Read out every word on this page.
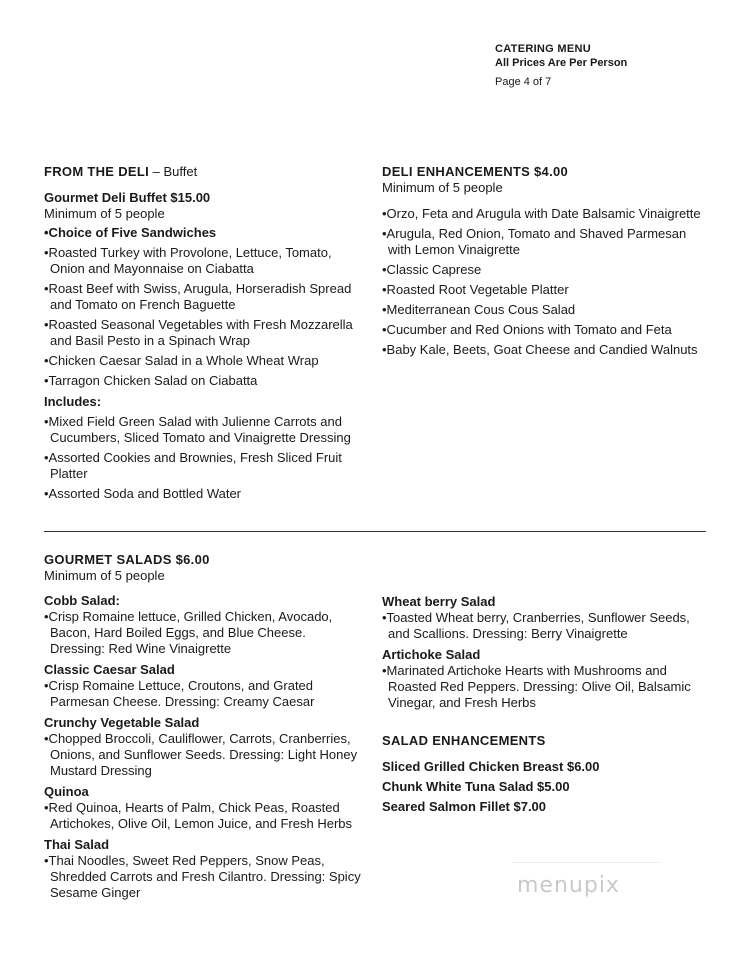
CATERING MENU
All Prices Are Per Person
Page 4 of 7
FROM THE DELI – Buffet
Gourmet Deli Buffet $15.00
Minimum of 5 people
•Choice of Five Sandwiches
•Roasted Turkey with Provolone, Lettuce, Tomato, Onion and Mayonnaise on Ciabatta
•Roast Beef with Swiss, Arugula, Horseradish Spread and Tomato on French Baguette
•Roasted Seasonal Vegetables with Fresh Mozzarella and Basil Pesto in a Spinach Wrap
•Chicken Caesar Salad in a Whole Wheat Wrap
•Tarragon Chicken Salad on Ciabatta
Includes:
•Mixed Field Green Salad with Julienne Carrots and Cucumbers, Sliced Tomato and Vinaigrette Dressing
•Assorted Cookies and Brownies, Fresh Sliced Fruit Platter
•Assorted Soda and Bottled Water
DELI ENHANCEMENTS $4.00
Minimum of 5 people
•Orzo, Feta and Arugula with Date Balsamic Vinaigrette
•Arugula, Red Onion, Tomato and Shaved Parmesan with Lemon Vinaigrette
•Classic Caprese
•Roasted Root Vegetable Platter
•Mediterranean Cous Cous Salad
•Cucumber and Red Onions with Tomato and Feta
•Baby Kale, Beets, Goat Cheese and Candied Walnuts
GOURMET SALADS $6.00
Minimum of 5 people
Cobb Salad:
•Crisp Romaine lettuce, Grilled Chicken, Avocado, Bacon, Hard Boiled Eggs, and Blue Cheese. Dressing: Red Wine Vinaigrette
Classic Caesar Salad
•Crisp Romaine Lettuce, Croutons, and Grated Parmesan Cheese. Dressing: Creamy Caesar
Crunchy Vegetable Salad
•Chopped Broccoli, Cauliflower, Carrots, Cranberries, Onions, and Sunflower Seeds. Dressing: Light Honey Mustard Dressing
Quinoa
•Red Quinoa, Hearts of Palm, Chick Peas, Roasted Artichokes, Olive Oil, Lemon Juice, and Fresh Herbs
Thai Salad
•Thai Noodles, Sweet Red Peppers, Snow Peas, Shredded Carrots and Fresh Cilantro. Dressing: Spicy Sesame Ginger
Wheat berry Salad
•Toasted Wheat berry, Cranberries, Sunflower Seeds, and Scallions. Dressing: Berry Vinaigrette
Artichoke Salad
•Marinated Artichoke Hearts with Mushrooms and Roasted Red Peppers. Dressing: Olive Oil, Balsamic Vinegar, and Fresh Herbs
SALAD ENHANCEMENTS
Sliced Grilled Chicken Breast $6.00
Chunk White Tuna Salad $5.00
Seared Salmon Fillet $7.00
menupix
